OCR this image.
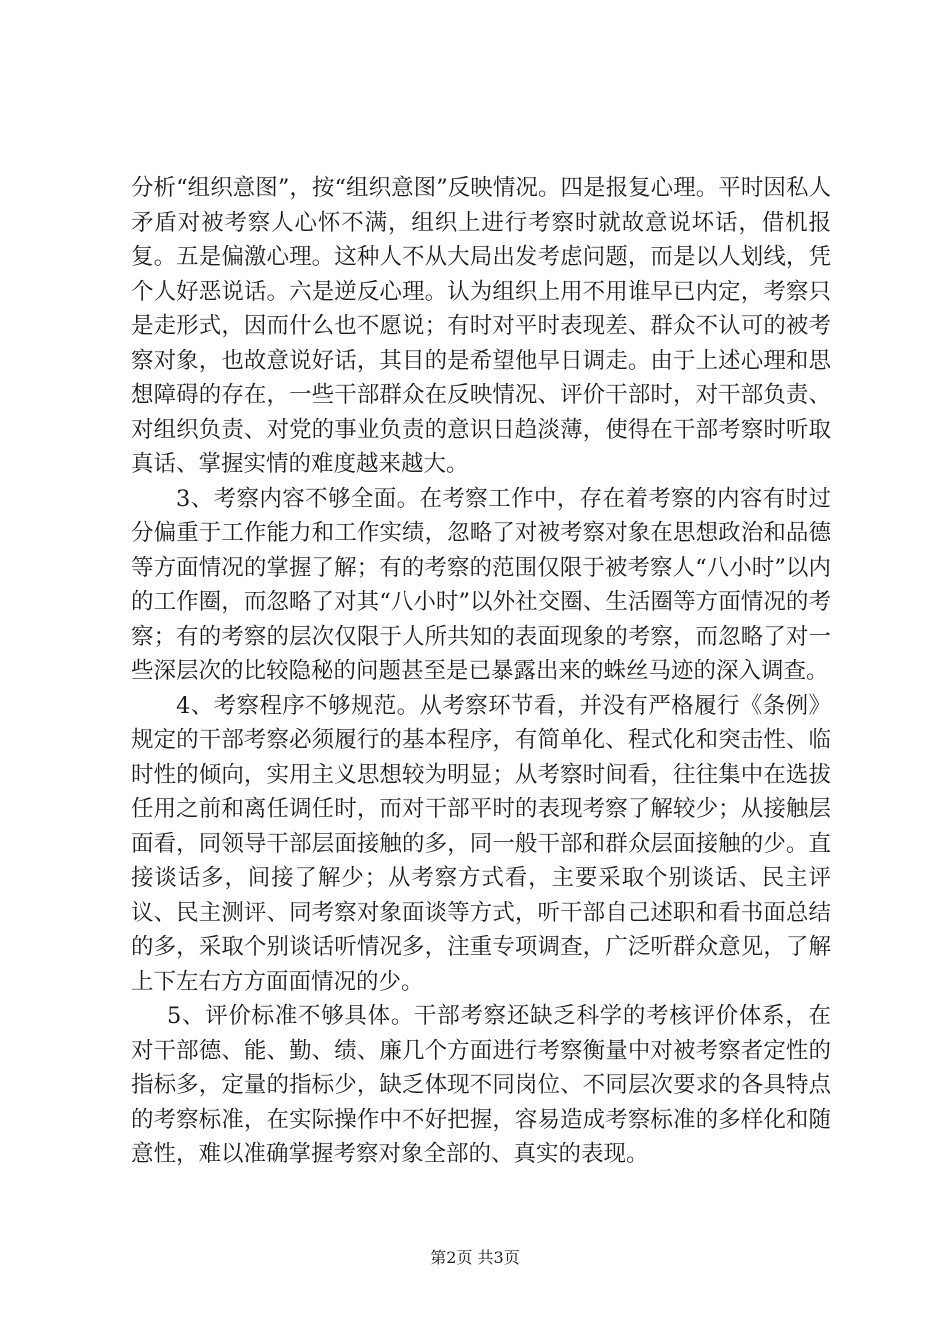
分析“组织意图”，按“组织意图”反映情况。四是报复心理。平时因私人矛盾对被考察人心怀不满，组织上进行考察时就故意说坏话，借机报复。五是偏激心理。这种人不从大局出发考虑问题，而是以人划线，凭个人好恶说话。六是逆反心理。认为组织上用不用谁早已内定，考察只是走形式，因而什么也不愿说；有时对平时表现差、群众不认可的被考察对象，也故意说好话，其目的是希望他早日调走。由于上述心理和思想障碍的存在，一些干部群众在反映情况、评价干部时，对干部负责、对组织负责、对党的事业负责的意识日趋淡薄，使得在干部考察时听取真话、掌握实情的难度越来越大。

3、考察内容不够全面。在考察工作中，存在着考察的内容有时过分偏重于工作能力和工作实绩，忽略了对被考察对象在思想政治和品德等方面情况的掌握了解；有的考察的范围仅限于被考察人“八小时”以内的工作圈，而忽略了对其“八小时”以外社交圈、生活圈等方面情况的考察；有的考察的层次仅限于人所共知的表面现象的考察，而忽略了对一些深层次的比较隐秘的问题甚至是已暴露出来的蛛丝马迹的深入调查。

4、考察程序不够规范。从考察环节看，并没有严格履行《条例》规定的干部考察必须履行的基本程序，有简单化、程式化和突击性、临时性的倾向，实用主义思想较为明显；从考察时间看，往往集中在选拔任用之前和离任调任时，而对干部平时的表现考察了解较少；从接触层面看，同领导干部层面接触的多，同一般干部和群众层面接触的少。直接谈话多，间接了解少；从考察方式看，主要采取个别谈话、民主评议、民主测评、同考察对象面谈等方式，听干部自己述职和看书面总结的多，采取个别谈话听情况多，注重专项调查，广泛听群众意见，了解上下左右方方面面情况的少。

5、评价标准不够具体。干部考察还缺乏科学的考核评价体系，在对干部德、能、勤、绩、廉几个方面进行考察衡量中对被考察者定性的指标多，定量的指标少，缺乏体现不同岗位、不同层次要求的各具特点的考察标准，在实际操作中不好把握，容易造成考察标准的多样化和随意性，难以准确掌握考察对象全部的、真实的表现。

第2页 共3页
